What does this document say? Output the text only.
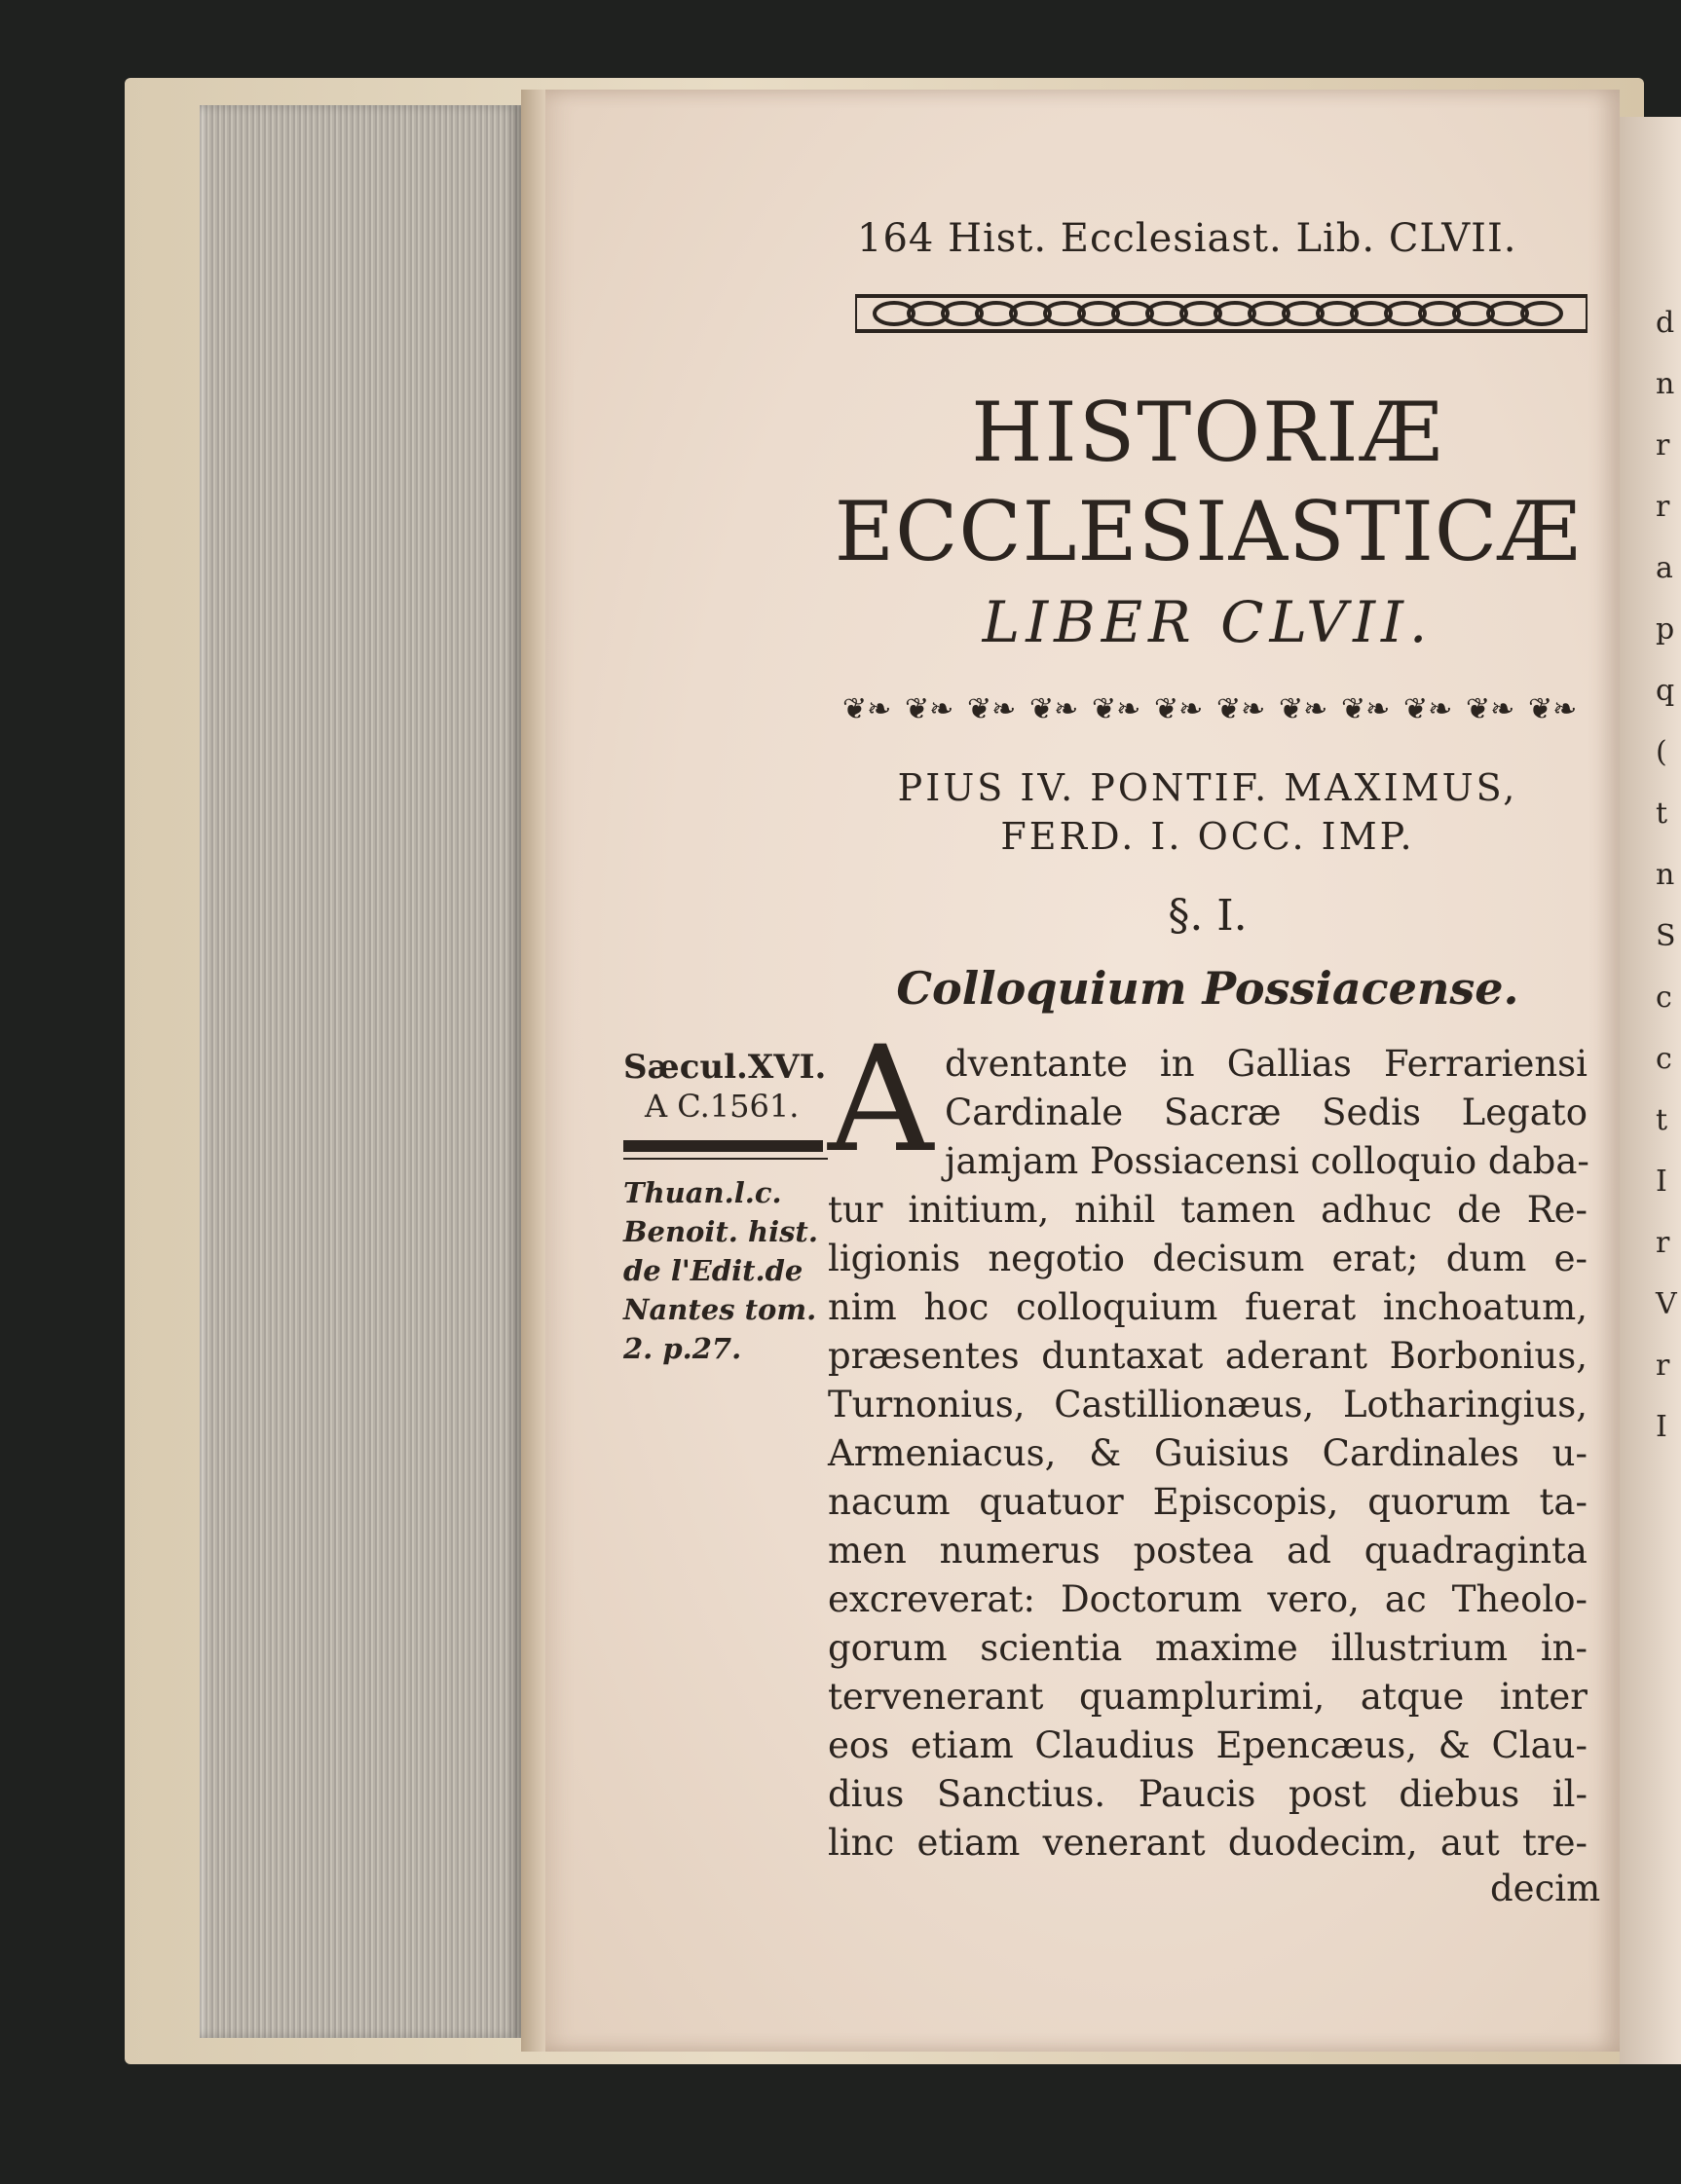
d
n
r
r
a
p
q
(
t
n
S
c
c
t
I
r
V
r
I
164 Hist. Ecclesiast. Lib. CLVII.
HISTORIÆ
ECCLESIASTICÆ
LIBER CLVII.
❦❧ ❦❧ ❦❧ ❦❧ ❦❧ ❦❧ ❦❧ ❦❧ ❦❧ ❦❧ ❦❧ ❦❧
PIUS IV. PONTIF. MAXIMUS,
FERD. I. OCC. IMP.
§. I.
Colloquium Possiacense.
Sæcul.XVI.
A C.1561.
Thuan.l.c.
Benoit. hist.
de l'Edit.de
Nantes tom.
2. p.27.
A dventante in Gallias Ferrariensi
Cardinale Sacræ Sedis Legato
jamjam Possiacensi colloquio daba-
tur initium, nihil tamen adhuc de Re-
ligionis negotio decisum erat; dum e-
nim hoc colloquium fuerat inchoatum,
præsentes duntaxat aderant Borbonius,
Turnonius, Castillionæus, Lotharingius,
Armeniacus, & Guisius Cardinales u-
nacum quatuor Episcopis, quorum ta-
men numerus postea ad quadraginta
excreverat: Doctorum vero, ac Theolo-
gorum scientia maxime illustrium in-
tervenerant quamplurimi, atque inter
eos etiam Claudius Epencæus, & Clau-
dius Sanctius. Paucis post diebus il-
linc etiam venerant duodecim, aut tre-
decim
